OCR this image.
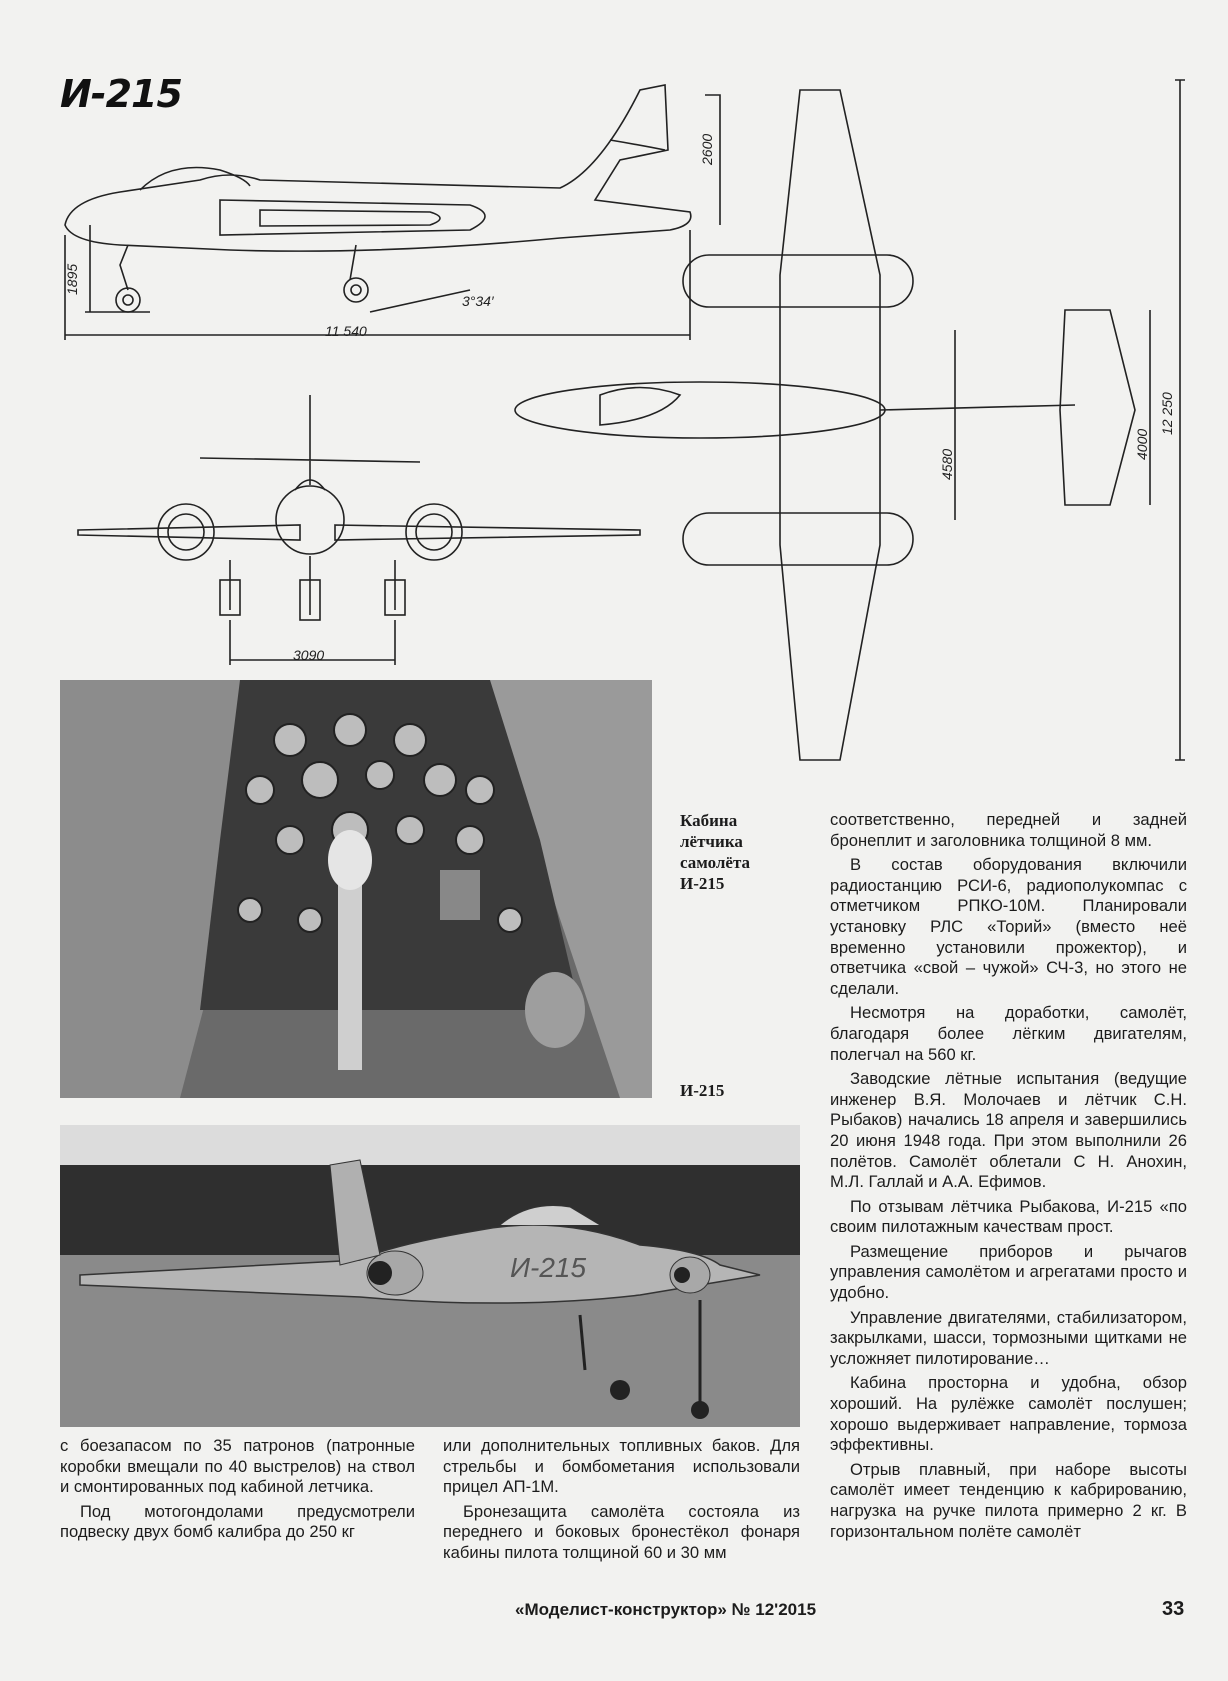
И-215
1895
2600
3°34′
11 540
3090
12 250
4580
4000
Кабина
лётчика
самолёта
И-215
И-215
И-215

с боезапасом по 35 патронов (патронные коробки вмещали по 40 выстрелов) на ствол и смонтированных под кабиной летчика.

Под мотогондолами предусмотрели подвеску двух бомб калибра до 250 кг

или дополнительных топливных баков. Для стрельбы и бомбометания использовали прицел АП-1М.

Бронезащита самолёта состояла из переднего и боковых бронестёкол фонаря кабины пилота толщиной 60 и 30 мм

соответственно, передней и задней бронеплит и заголовника толщиной 8 мм.

В состав оборудования включили радиостанцию РСИ-6, радиополукомпас с отметчиком РПКО-10М. Планировали установку РЛС «Торий» (вместо неё временно установили прожектор), и ответчика «свой – чужой» СЧ-3, но этого не сделали.

Несмотря на доработки, самолёт, благодаря более лёгким двигателям, полегчал на 560 кг.

Заводские лётные испытания (ведущие инженер В.Я. Молочаев и лётчик С.Н. Рыбаков) начались 18 апреля и завершились 20 июня 1948 года. При этом выполнили 26 полётов. Самолёт облетали С Н. Анохин, М.Л. Галлай и А.А. Ефимов.

По отзывам лётчика Рыбакова, И-215 «по своим пилотажным качествам прост.

Размещение приборов и рычагов управления самолётом и агрегатами просто и удобно.

Управление двигателями, стабилизатором, закрылками, шасси, тормозными щитками не усложняет пилотирование…

Кабина просторна и удобна, обзор хороший. На рулёжке самолёт послушен; хорошо выдерживает направление, тормоза эффективны.

Отрыв плавный, при наборе высоты самолёт имеет тенденцию к кабрированию, нагрузка на ручке пилота примерно 2 кг. В горизонтальном полёте самолёт

«Моделист-конструктор» № 12'2015	33
